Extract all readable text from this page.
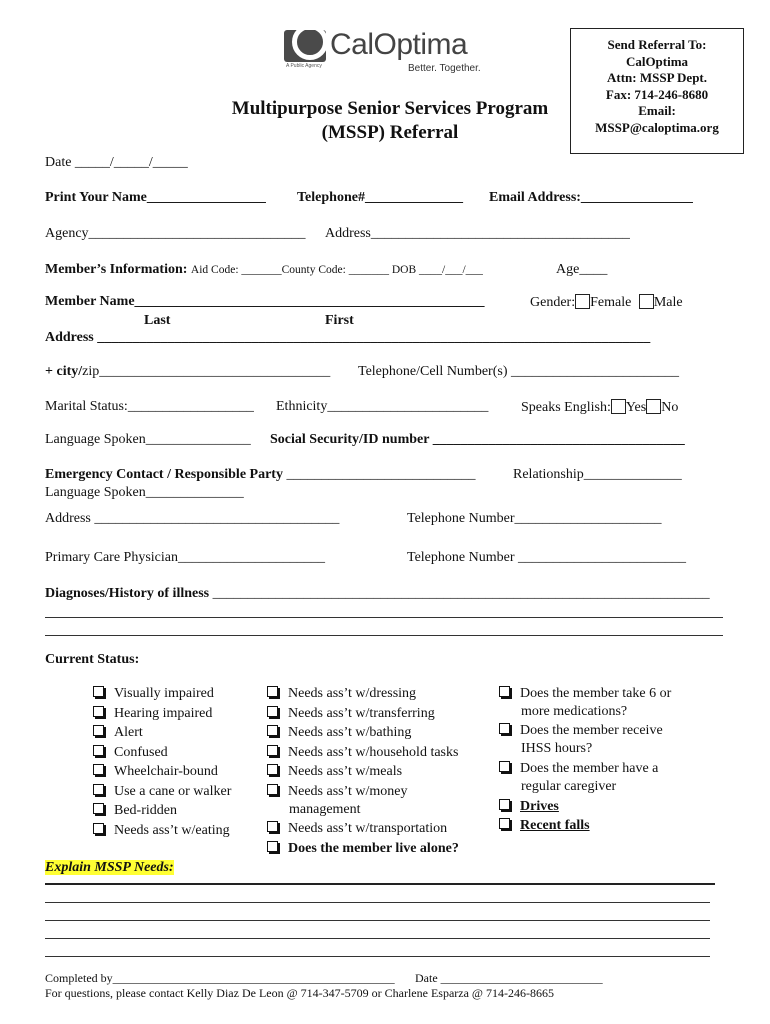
CalOptima
A Public Agency	Better. Together.
Send Referral To:
CalOptima
Attn: MSSP Dept.
Fax: 714-246-8680
Email:
MSSP@caloptima.org
Multipurpose Senior Services Program
(MSSP) Referral
Date _____/_____/_____
Print Your Name_________________ Telephone#______________ Email Address:________________
Agency_______________________________ Address_____________________________________
Member’s Information: Aid Code: _______County Code: _______ DOB ____/___/___	Age____
Member Name__________________________________________________	Gender: Female Male
Last	First
Address _______________________________________________________________________________
+ city/zip_________________________________ Telephone/Cell Number(s) ________________________
Marital Status:__________________ Ethnicity_______________________ Speaks English: Yes No
Language Spoken_______________ Social Security/ID number ____________________________________
Emergency Contact / Responsible Party ___________________________	Relationship______________
Language Spoken______________
Address ___________________________________	Telephone Number_____________________
Primary Care Physician_____________________	Telephone Number ________________________
Diagnoses/History of illness _______________________________________________________________________
Current Status:
Visually impaired
Hearing impaired
Alert
Confused
Wheelchair-bound
Use a cane or walker
Bed-ridden
Needs ass’t w/eating
Needs ass’t w/dressing
Needs ass’t w/transferring
Needs ass’t w/bathing
Needs ass’t w/household tasks
Needs ass’t w/meals
Needs ass’t w/money
management
Needs ass’t w/transportation
Does the member live alone?
Does the member take 6 or
more medications?
Does the member receive
IHSS hours?
Does the member have a
regular caregiver
Drives
Recent falls
Explain MSSP Needs:
Completed by_______________________________________________ Date ___________________________
For questions, please contact Kelly Diaz De Leon @ 714-347-5709 or Charlene Esparza @ 714-246-8665
